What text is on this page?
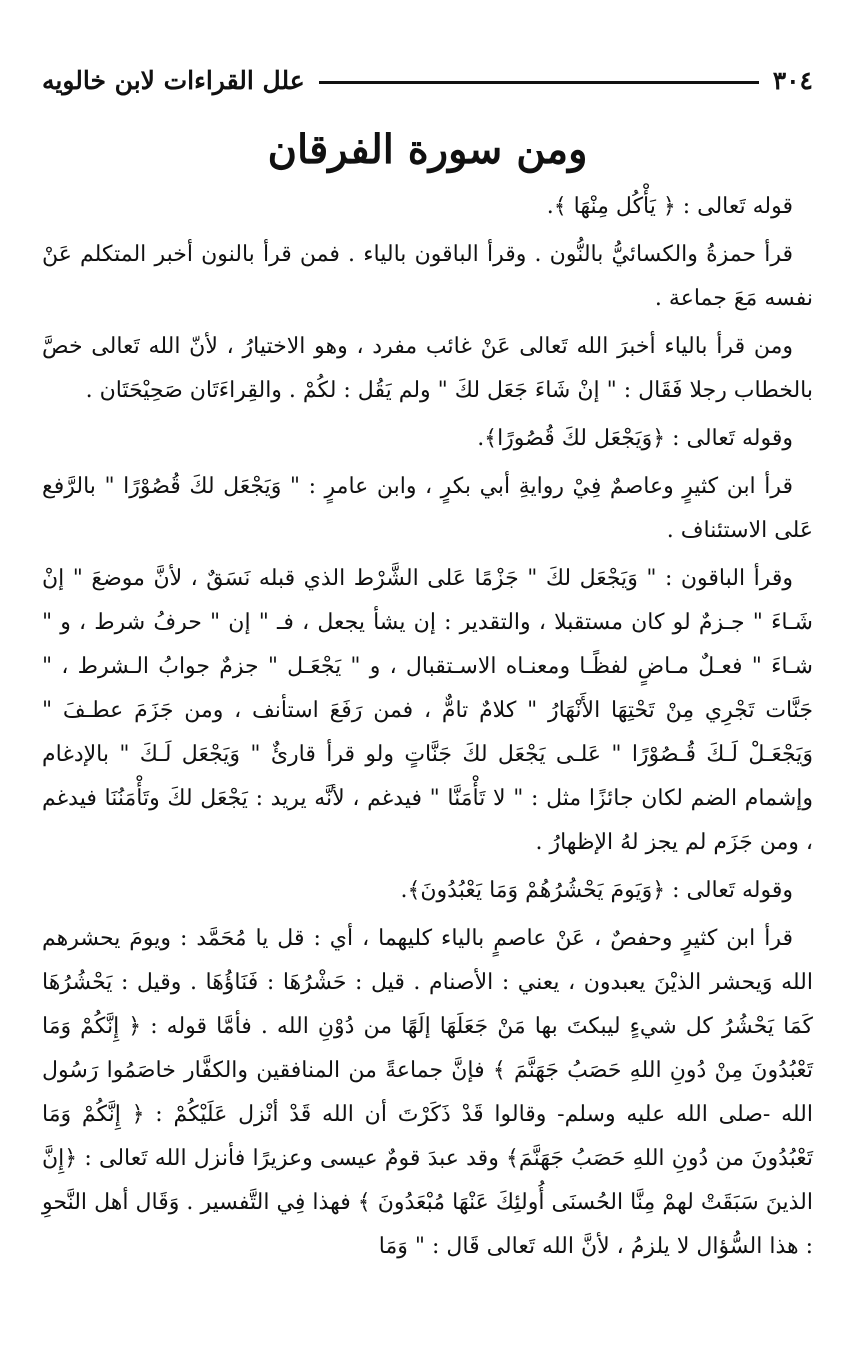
٣٠٤
علل القراءات لابن خالويه
ومن سورة الفرقان

قوله تَعالى : ﴿ يَأْكُل مِنْهَا ﴾.

قرأ حمزةُ والكسائيُّ بالنُّون . وقرأ الباقون بالياء . فمن قرأ بالنون أخبر المتكلم عَنْ نفسه مَعَ جماعة .

ومن قرأ بالياء أخبرَ الله تَعالى عَنْ غائب مفرد ، وهو الاختيارُ ، لأنّ الله تَعالى خصَّ بالخطاب رجلا فَقَال : " إنْ شَاءَ جَعَل لكَ " ولم يَقُل : لكُمْ . والقِراءَتَان صَحِيْحَتَان .

وقوله تَعالى : ﴿وَيَجْعَل لكَ قُصُورًا﴾.

قرأ ابن كثيرٍ وعاصمٌ فِيْ روايةِ أبي بكرٍ ، وابن عامرٍ : " وَيَجْعَل لكَ قُصُوْرًا " بالرَّفع عَلى الاستئناف .

وقرأ الباقون : " وَيَجْعَل لكَ " جَزْمًا عَلى الشَّرْط الذي قبله نَسَقٌ ، لأنَّ موضعَ " إنْ شَـاءَ " جـزمٌ لو كان مستقبلا ، والتقدير : إن يشأ يجعل ، فـ " إن " حرفُ شرط ، و " شـاءَ " فعـلٌ مـاضٍ لفظًـا ومعنـاه الاسـتقبال ، و " يَجْعَـل " جزمٌ جوابُ الـشرط ، " جَنَّات تَجْرِي مِنْ تَحْتِهَا الأَنْهَارُ " كلامٌ تامٌّ ، فمن رَفَعَ استأنف ، ومن جَزَمَ عطـفَ " وَيَجْعَـلْ لَـكَ قُـصُوْرًا " عَلـى يَجْعَل لكَ جَنَّاتٍ ولو قرأ قارئٌ " وَيَجْعَل لَـكَ " بالإدغام وإشمام الضم لكان جائزًا مثل : " لا تَأْمَنَّا " فيدغم ، لأنَّه يريد : يَجْعَل لكَ وتَأْمَنُنَا فيدغم ، ومن جَزَم لم يجز لهُ الإظهارُ .

وقوله تَعالى : ﴿وَيَومَ يَحْشُرُهُمْ وَمَا يَعْبُدُونَ﴾.

قرأ ابن كثيرٍ وحفصٌ ، عَنْ عاصمٍ بالياء كليهما ، أي : قل يا مُحَمَّد : ويومَ يحشرهم الله وَيحشر الذيْنَ يعبدون ، يعني : الأصنام . قيل : حَشْرُهَا : فَنَاؤُهَا . وقيل : يَحْشُرُهَا كَمَا يَحْشُرُ كل شيءٍ ليبكتَ بها مَنْ جَعَلَهَا إلَهًا من دُوْنِ الله . فأمَّا قوله : ﴿ إِنَّكُمْ وَمَا تَعْبُدُونَ مِنْ دُونِ اللهِ حَصَبُ جَهَنَّمَ ﴾ فإنَّ جماعةً من المنافقين والكفَّار خاصَمُوا رَسُول الله -صلى الله عليه وسلم- وقالوا قَدْ ذَكَرْتَ أن الله قَدْ أنْزل عَلَيْكُمْ : ﴿ إِنَّكُمْ وَمَا تَعْبُدُونَ من دُونِ اللهِ حَصَبُ جَهَنَّمَ﴾ وقد عبدَ قومٌ عيسى وعزيرًا فأنزل الله تَعالى : ﴿إِنَّ الذينَ سَبَقَتْ لهمْ مِنَّا الحُسنَى أُولئِكَ عَنْهَا مُبْعَدُونَ ﴾ فهذا فِي التَّفسير . وَقَال أهل النَّحوِ : هذا السُّؤال لا يلزمُ ، لأنَّ الله تَعالى قَال : " وَمَا
